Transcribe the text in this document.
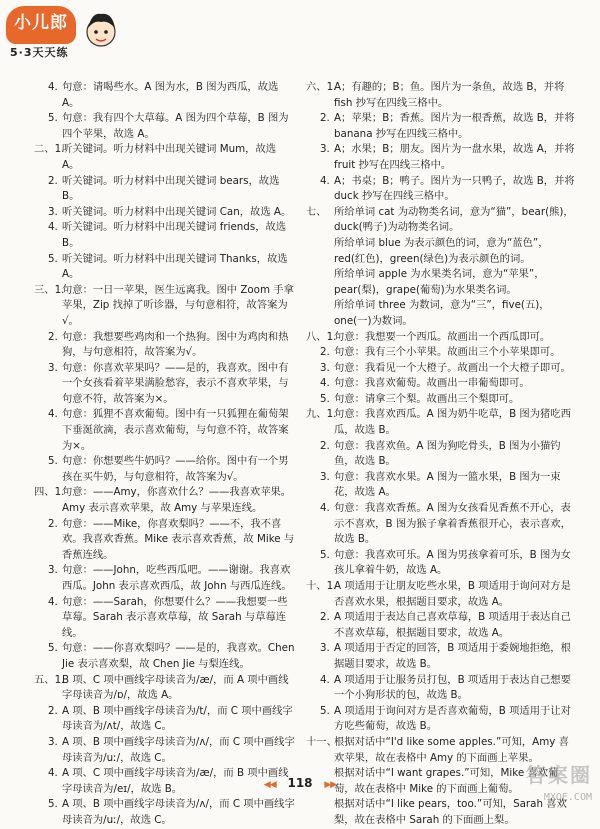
小儿郎
5·3天天练
4. 句意：请喝些水。A 图为水，B 图为西瓜，故选 A。
5. 句意：我有四个大草莓。A 图为四个草莓，B 图为四个苹果，故选 A。
二、1.
听关键词。听力材料中出现关键词 Mum，故选 A。
2. 听关键词。听力材料中出现关键词 bears，故选 B。
3. 听关键词。听力材料中出现关键词 Can，故选 A。
4. 听关键词。听力材料中出现关键词 friends，故选 B。
5. 听关键词。听力材料中出现关键词 Thanks，故选 A。
三、1.
句意：一日一苹果，医生远离我。图中 Zoom 手拿苹果，Zip 找掉了听诊器，与句意相符，故答案为√。
2. 句意：我想要些鸡肉和一个热狗。图中为鸡肉和热狗，与句意相符，故答案为√。
3. 句意：你喜欢苹果吗？——是的，我喜欢。图中有一个女孩看着苹果满脸愁容，表示不喜欢苹果，与句意不符，故答案为×。
4. 句意：狐狸不喜欢葡萄。图中有一只狐狸在葡萄架下垂涎欲滴，表示喜欢葡萄，与句意不符，故答案为×。
5. 句意：你想要些牛奶吗？——给你。图中有一个男孩在买牛奶，与句意相符，故答案为√。
四、1.
句意：——Amy，你喜欢什么？——我喜欢苹果。Amy 表示喜欢苹果，故 Amy 与苹果连线。
2. 句意：——Mike，你喜欢梨吗？——不，我不喜欢。我喜欢香蕉。Mike 表示喜欢香蕉，故 Mike 与香蕉连线。
3. 句意：——John，吃些西瓜吧。——谢谢。我喜欢西瓜。John 表示喜欢西瓜，故 John 与西瓜连线。
4. 句意：——Sarah，你想要什么？——我想要一些草莓。Sarah 表示喜欢草莓，故 Sarah 与草莓连线。
5. 句意：——你喜欢梨吗？——是的，我喜欢。Chen Jie 表示喜欢梨，故 Chen Jie 与梨连线。
五、1.
B 项、C 项中画线字母读音为/æ/，而 A 项中画线字母读音为/ɒ/，故选 A。
2. A 项、B 项中画线字母读音为/t/，而 C 项中画线字母读音为/ʌt/，故选 C。
3. A 项、B 项中画线字母读音为/ʌ/，而 C 项中画线字母读音为/uː/，故选 C。
4. A 项、C 项中画线字母读音为/æ/，而 B 项中画线字母读音为/eɪ/，故选 B。
5. A 项、B 项中画线字母读音为/ʌ/，而 C 项中画线字母读音为/uː/，故选 C。
六、1.
A；有趣的；B；鱼。图片为一条鱼，故选 B，并将 fish 抄写在四线三格中。
2. A；苹果；B；香蕉。图片为一根香蕉，故选 B，并将 banana 抄写在四线三格中。
3. A；水果；B；朋友。图片为一盘水果，故选 A，并将 fruit 抄写在四线三格中。
4. A；书桌；B；鸭子。图片为一只鸭子，故选 B，并将 duck 抄写在四线三格中。
七、 所给单词 cat 为动物类名词，意为“猫”，bear(熊)，duck(鸭子)为动物类名词。
所给单词 blue 为表示颜色的词，意为“蓝色”，red(红色)，green(绿色)为表示颜色的词。
所给单词 apple 为水果类名词，意为“苹果”，pear(梨)，grape(葡萄)为水果类名词。
所给单词 three 为数词，意为“三”，five(五)，one(一)为数词。
八、1.
句意：我想要一个西瓜。故画出一个西瓜即可。
2. 句意：我有三个小苹果。故画出三个小苹果即可。
3. 句意：我看见一个大橙子。故画出一个大橙子即可。
4. 句意：我喜欢葡萄。故画出一串葡萄即可。
5. 句意：请拿三个梨。故画出三个梨即可。
九、1.
句意：我喜欢西瓜。A 图为奶牛吃草，B 图为猪吃西瓜，故选 B。
2. 句意：我喜欢鱼。A 图为狗吃骨头，B 图为小猫钓鱼，故选 B。
3. 句意：我喜欢水果。A 图为一篮水果，B 图为一束花，故选 A。
4. 句意：我喜欢香蕉。A 图为女孩看见香蕉不开心，表示不喜欢，B 图为猴子拿着香蕉很开心，表示喜欢，故选 B。
5. 句意：我喜欢可乐。A 图为男孩拿着可乐，B 图为女孩儿拿着牛奶，故选 A。
十、1.
A 项适用于让朋友吃些水果，B 项适用于询问对方是否喜欢水果，根据题目要求，故选 A。
2. A 项适用于表达自己喜欢草莓，B 项适用于表达自己不喜欢草莓，根据题目要求，故选 A。
3. A 项适用于否定的回答，B 项适用于委婉地拒绝，根据题目要求，故选 B。
4. A 项适用于让服务员打包，B 项适用于表达自己想要一个小狗形状的包，故选 B。
5. A 项适用于询问对方是否喜欢葡萄，B 项适用于让对方吃些葡萄，故选 B。
十一、
根据对话中“I'd like some apples.”可知，Amy 喜欢苹果，故在表格中 Amy 的下面画上苹果。
根据对话中“I want grapes.”可知，Mike 喜欢葡萄，故在表格中 Mike 的下面画上葡萄。
根据对话中“I like pears，too.”可知，Sarah 喜欢梨，故在表格中 Sarah 的下面画上梨。
◀◀ 118 ▶▶	答案圈
MXQE.COM
